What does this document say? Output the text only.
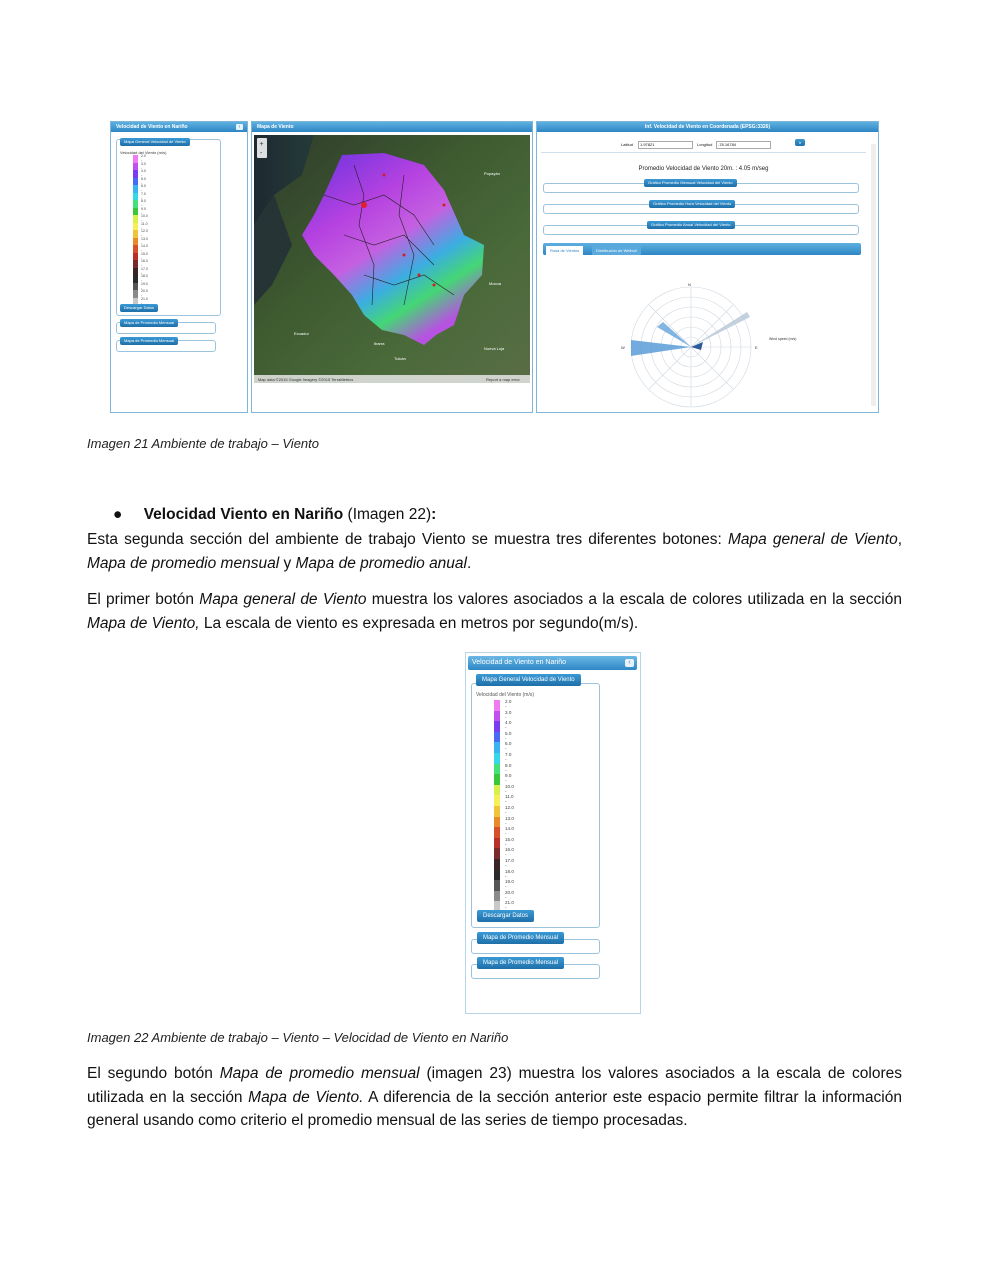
Velocidad de Viento en Nariño	‹
Mapa General Velocidad de Viento
Velocidad del Viento (m/s)
2.0 -
3.0 -
4.0 -
5.0 -
6.0 -
7.0 -
8.0 -
9.0 -
10.0 -
11.0 -
12.0 -
13.0 -
14.0 -
15.0 -
16.0 -
17.0 -
18.0 -
19.0 -
20.0 -
21.0 -
Descargar Datos
Mapa de Promedio Mensual
Mapa de Promedio Mensual
Mapa de Viento
Popayán
Mocoa
Ecuador
Ibarra
Tulcán
Nueva Loja
+
-
Map data ©2015 Google Imagery ©2015 TerraMetrics	Report a map error
Inf. Velocidad de Viento en Coordenada (EPSG:3326)
Latitud	1.97821	Longitud	-78.16784	ir
Promedio Velocidad de Viento 20m. : 4.05 m/seg
Gráfico Promedio Mensual Velocidad del Viento
Gráfico Promedio Hora Velocidad del Viento
Gráfico Promedio Anual Velocidad del Viento
Rosa de Vientos	Distribución de Weibull
N
E
W
Wind speed (m/s)
Imagen 21 Ambiente de trabajo – Viento
● Velocidad Viento en Nariño (Imagen 22):
Esta segunda sección del ambiente de trabajo Viento se muestra tres diferentes botones: Mapa general de Viento, Mapa de promedio mensual y Mapa de promedio anual.
El primer botón Mapa general de Viento muestra los valores asociados a la escala de colores utilizada en la sección Mapa de Viento, La escala de viento es expresada en metros por segundo(m/s).
Velocidad de Viento en Nariño	‹
Mapa General Velocidad de Viento
Velocidad del Viento (m/s)
2.0 -
3.0 -
4.0 -
5.0 -
6.0 -
7.0 -
8.0 -
9.0 -
10.0 -
11.0 -
12.0 -
13.0 -
14.0 -
15.0 -
16.0 -
17.0 -
18.0 -
19.0 -
20.0 -
21.0 -
Descargar Datos
Mapa de Promedio Mensual
Mapa de Promedio Mensual
Imagen 22 Ambiente de trabajo – Viento – Velocidad de Viento en Nariño
El segundo botón Mapa de promedio mensual (imagen 23) muestra los valores asociados a la escala de colores utilizada en la sección Mapa de Viento. A diferencia de la sección anterior este espacio permite filtrar la información general usando como criterio el promedio mensual de las series de tiempo procesadas.
